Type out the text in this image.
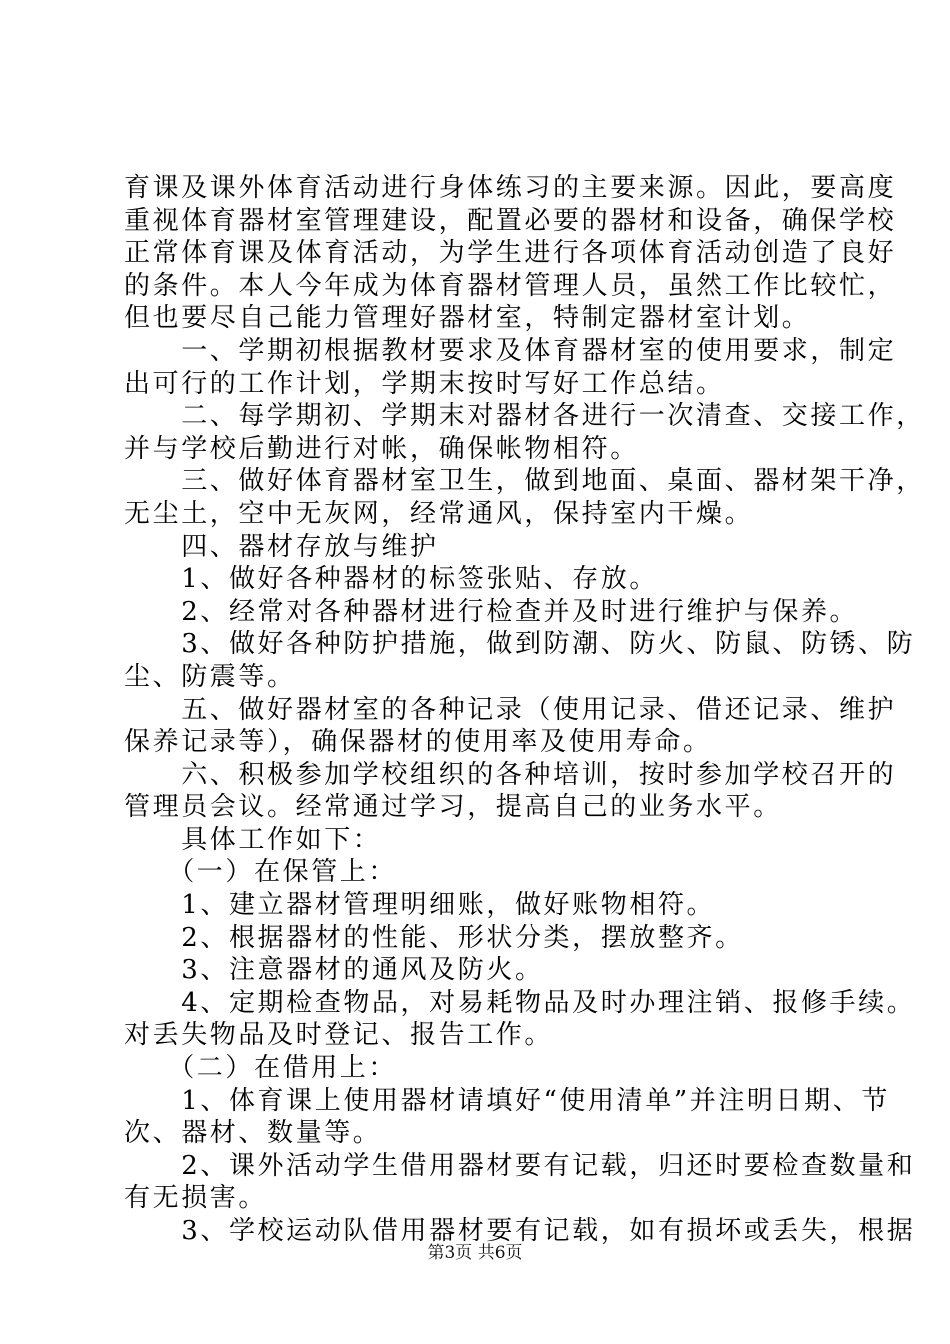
育课及课外体育活动进行身体练习的主要来源。因此，要高度
重视体育器材室管理建设，配置必要的器材和设备，确保学校
正常体育课及体育活动，为学生进行各项体育活动创造了良好
的条件。本人今年成为体育器材管理人员，虽然工作比较忙，
但也要尽自己能力管理好器材室，特制定器材室计划。
　　一、学期初根据教材要求及体育器材室的使用要求，制定
出可行的工作计划，学期末按时写好工作总结。
　　二、每学期初、学期末对器材各进行一次清查、交接工作，
并与学校后勤进行对帐，确保帐物相符。
　　三、做好体育器材室卫生，做到地面、桌面、器材架干净，
无尘土，空中无灰网，经常通风，保持室内干燥。
　　四、器材存放与维护
　　1、做好各种器材的标签张贴、存放。
　　2、经常对各种器材进行检查并及时进行维护与保养。
　　3、做好各种防护措施，做到防潮、防火、防鼠、防锈、防
尘、防震等。
　　五、做好器材室的各种记录（使用记录、借还记录、维护
保养记录等），确保器材的使用率及使用寿命。
　　六、积极参加学校组织的各种培训，按时参加学校召开的
管理员会议。经常通过学习，提高自己的业务水平。
　　具体工作如下：
　　（一）在保管上：
　　1、建立器材管理明细账，做好账物相符。
　　2、根据器材的性能、形状分类，摆放整齐。
　　3、注意器材的通风及防火。
　　4、定期检查物品，对易耗物品及时办理注销、报修手续。
对丢失物品及时登记、报告工作。
　　（二）在借用上：
　　1、体育课上使用器材请填好“使用清单”并注明日期、节
次、器材、数量等。
　　2、课外活动学生借用器材要有记载，归还时要检查数量和
有无损害。
　　3、学校运动队借用器材要有记载，如有损坏或丢失，根据
第3页 共6页
